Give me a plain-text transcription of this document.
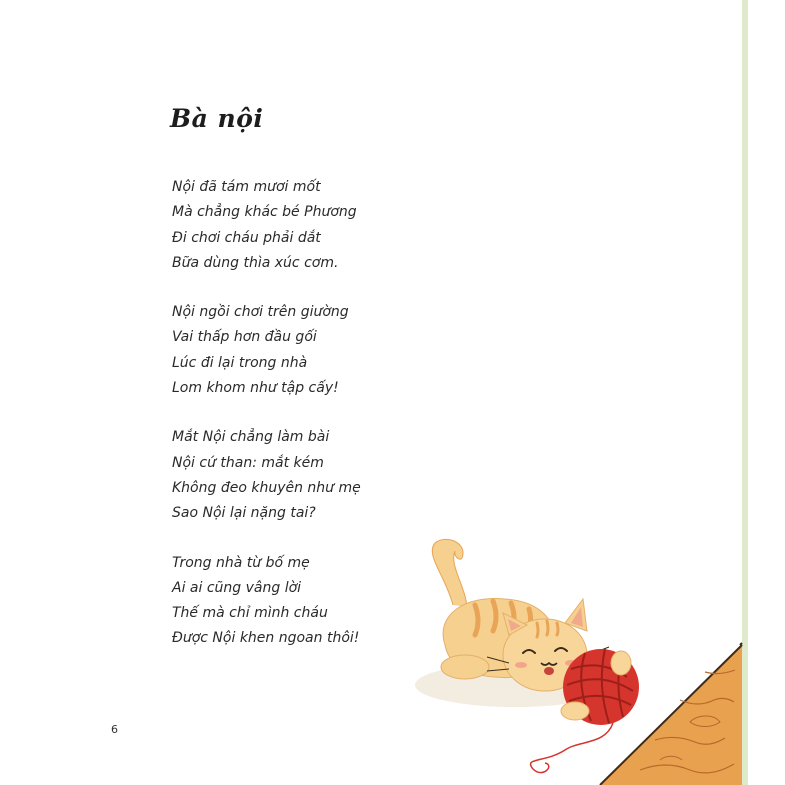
Bà nội
Nội đã tám mươi mốt
Mà chẳng khác bé Phương
Đi chơi cháu phải dắt
Bữa dùng thìa xúc cơm.
Nội ngồi chơi trên giường
Vai thấp hơn đầu gối
Lúc đi lại trong nhà
Lom khom như tập cấy!
Mắt Nội chẳng làm bài
Nội cứ than: mắt kém
Không đeo khuyên như mẹ
Sao Nội lại nặng tai?
Trong nhà từ bố mẹ
Ai ai cũng vâng lời
Thế mà chỉ mình cháu
Được Nội khen ngoan thôi!
6
